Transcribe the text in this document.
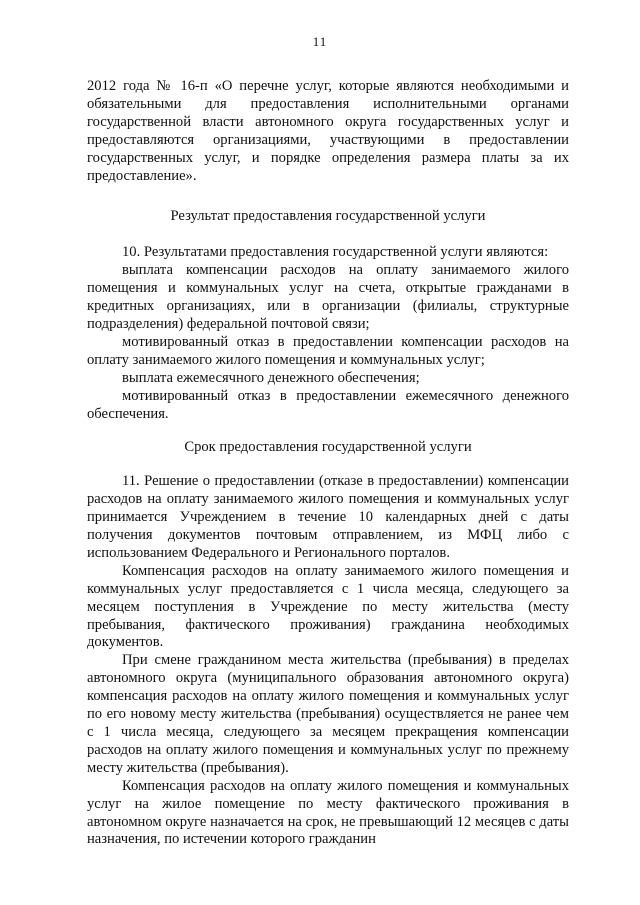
11

2012 года № 16-п «О перечне услуг, которые являются необходимыми и обязательными для предоставления исполнительными органами государственной власти автономного округа государственных услуг и предоставляются организациями, участвующими в предоставлении государственных услуг, и порядке определения размера платы за их предоставление».

Результат предоставления государственной услуги

10. Результатами предоставления государственной услуги являются:

выплата компенсации расходов на оплату занимаемого жилого помещения и коммунальных услуг на счета, открытые гражданами в кредитных организациях, или в организации (филиалы, структурные подразделения) федеральной почтовой связи;

мотивированный отказ в предоставлении компенсации расходов на оплату занимаемого жилого помещения и коммунальных услуг;

выплата ежемесячного денежного обеспечения;

мотивированный отказ в предоставлении ежемесячного денежного обеспечения.

Срок предоставления государственной услуги

11. Решение о предоставлении (отказе в предоставлении) компенсации расходов на оплату занимаемого жилого помещения и коммунальных услуг принимается Учреждением в течение 10 календарных дней с даты получения документов почтовым отправлением, из МФЦ либо с использованием Федерального и Регионального порталов.

Компенсация расходов на оплату занимаемого жилого помещения и коммунальных услуг предоставляется с 1 числа месяца, следующего за месяцем поступления в Учреждение по месту жительства (месту пребывания, фактического проживания) гражданина необходимых документов.

При смене гражданином места жительства (пребывания) в пределах автономного округа (муниципального образования автономного округа) компенсация расходов на оплату жилого помещения и коммунальных услуг по его новому месту жительства (пребывания) осуществляется не ранее чем с 1 числа месяца, следующего за месяцем прекращения компенсации расходов на оплату жилого помещения и коммунальных услуг по прежнему месту жительства (пребывания).

Компенсация расходов на оплату жилого помещения и коммунальных услуг на жилое помещение по месту фактического проживания в автономном округе назначается на срок, не превышающий 12 месяцев с даты назначения, по истечении которого гражданин
